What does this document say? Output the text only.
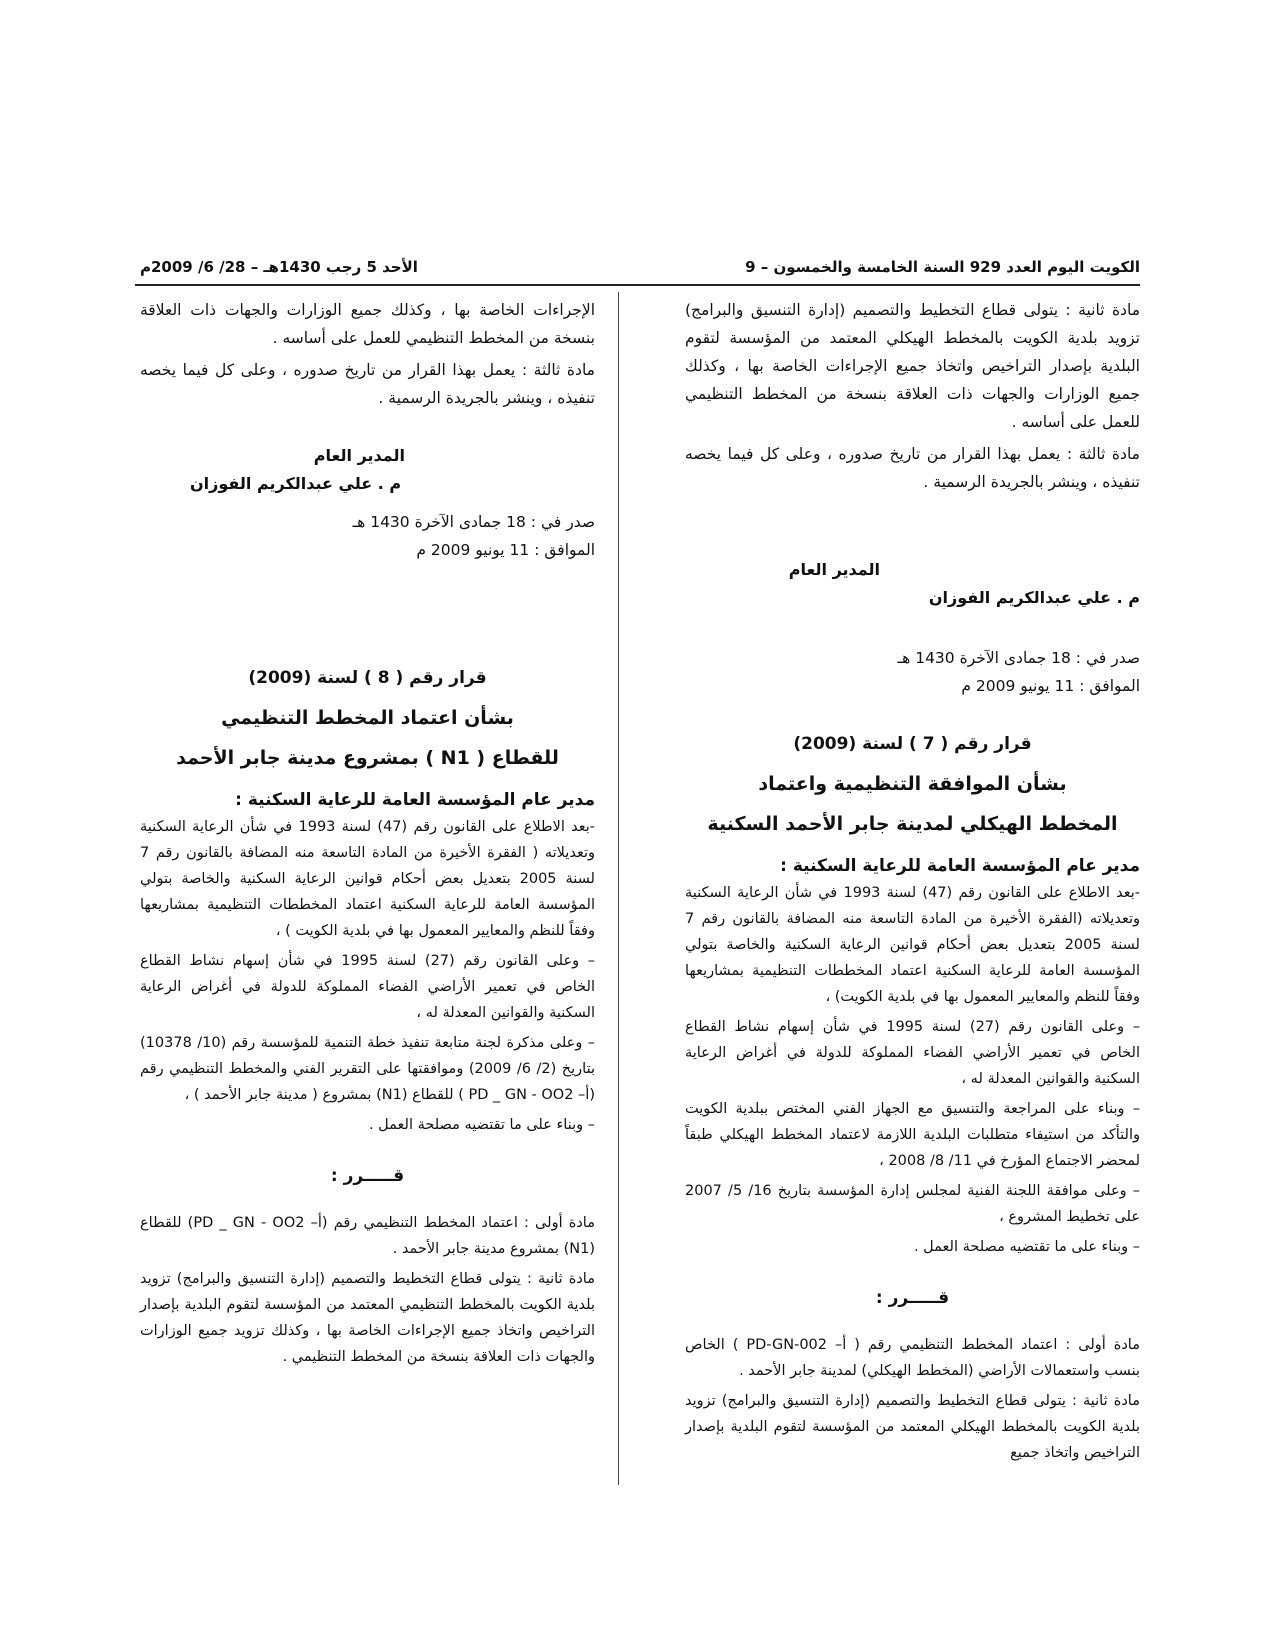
الكويت اليوم العدد 929 السنة الخامسة والخمسون – 9
الأحد 5 رجب 1430هـ – 28/ 6/ 2009م

مادة ثانية : يتولى قطاع التخطيط والتصميم (إدارة التنسيق والبرامج) تزويد بلدية الكويت بالمخطط الهيكلي المعتمد من المؤسسة لتقوم البلدية بإصدار التراخيص واتخاذ جميع الإجراءات الخاصة بها ، وكذلك جميع الوزارات والجهات ذات العلاقة بنسخة من المخطط التنظيمي للعمل على أساسه .

مادة ثالثة : يعمل بهذا القرار من تاريخ صدوره ، وعلى كل فيما يخصه تنفيذه ، وينشر بالجريدة الرسمية .

المدير العام
م . علي عبدالكريم الفوزان
صدر في : 18 جمادى الآخرة 1430 هـ
الموافق : 11 يونيو 2009 م
قرار رقم ( 7 ) لسنة (2009)
بشأن الموافقة التنظيمية واعتماد
المخطط الهيكلي لمدينة جابر الأحمد السكنية
مدير عام المؤسسة العامة للرعاية السكنية :

-بعد الاطلاع على القانون رقم (47) لسنة 1993 في شأن الرعاية السكنية وتعديلاته (الفقرة الأخيرة من المادة التاسعة منه المضافة بالقانون رقم 7 لسنة 2005 بتعديل بعض أحكام قوانين الرعاية السكنية والخاصة بتولي المؤسسة العامة للرعاية السكنية اعتماد المخططات التنظيمية بمشاريعها وفقاً للنظم والمعايير المعمول بها في بلدية الكويت) ،

– وعلى القانون رقم (27) لسنة 1995 في شأن إسهام نشاط القطاع الخاص في تعمير الأراضي الفضاء المملوكة للدولة في أغراض الرعاية السكنية والقوانين المعدلة له ،

– وبناء على المراجعة والتنسيق مع الجهاز الفني المختص ببلدية الكويت والتأكد من استيفاء متطلبات البلدية اللازمة لاعتماد المخطط الهيكلي طبقاً لمحضر الاجتماع المؤرخ في 11/ 8/ 2008 ،

– وعلى موافقة اللجنة الفنية لمجلس إدارة المؤسسة بتاريخ 16/ 5/ 2007 على تخطيط المشروع ،

– وبناء على ما تقتضيه مصلحة العمل .

قـــــرر :

مادة أولى : اعتماد المخطط التنظيمي رقم ( أ– PD-GN-002 ) الخاص بنسب واستعمالات الأراضي (المخطط الهيكلي) لمدينة جابر الأحمد .

مادة ثانية : يتولى قطاع التخطيط والتصميم (إدارة التنسيق والبرامج) تزويد بلدية الكويت بالمخطط الهيكلي المعتمد من المؤسسة لتقوم البلدية بإصدار التراخيص واتخاذ جميع

الإجراءات الخاصة بها ، وكذلك جميع الوزارات والجهات ذات العلاقة بنسخة من المخطط التنظيمي للعمل على أساسه .

مادة ثالثة : يعمل بهذا القرار من تاريخ صدوره ، وعلى كل فيما يخصه تنفيذه ، وينشر بالجريدة الرسمية .

المدير العام
م . علي عبدالكريم الفوزان
صدر في : 18 جمادى الآخرة 1430 هـ
الموافق : 11 يونيو 2009 م
قرار رقم ( 8 ) لسنة (2009)
بشأن اعتماد المخطط التنظيمي
للقطاع ( N1 ) بمشروع مدينة جابر الأحمد
مدير عام المؤسسة العامة للرعاية السكنية :

-بعد الاطلاع على القانون رقم (47) لسنة 1993 في شأن الرعاية السكنية وتعديلاته ( الفقرة الأخيرة من المادة التاسعة منه المضافة بالقانون رقم 7 لسنة 2005 بتعديل بعض أحكام قوانين الرعاية السكنية والخاصة بتولي المؤسسة العامة للرعاية السكنية اعتماد المخططات التنظيمية بمشاريعها وفقاً للنظم والمعايير المعمول بها في بلدية الكويت ) ،

– وعلى القانون رقم (27) لسنة 1995 في شأن إسهام نشاط القطاع الخاص في تعمير الأراضي الفضاء المملوكة للدولة في أغراض الرعاية السكنية والقوانين المعدلة له ،

– وعلى مذكرة لجنة متابعة تنفيذ خطة التنمية للمؤسسة رقم (10/ 10378) بتاريخ (2/ 6/ 2009) وموافقتها على التقرير الفني والمخطط التنظيمي رقم (أ– PD _ GN - OO2 ) للقطاع (N1) بمشروع ( مدينة جابر الأحمد ) ،

– وبناء على ما تقتضيه مصلحة العمل .

قـــــرر :

مادة أولى : اعتماد المخطط التنظيمي رقم (أ– PD _ GN - OO2) للقطاع (N1) بمشروع مدينة جابر الأحمد .

مادة ثانية : يتولى قطاع التخطيط والتصميم (إدارة التنسيق والبرامج) تزويد بلدية الكويت بالمخطط التنظيمي المعتمد من المؤسسة لتقوم البلدية بإصدار التراخيص واتخاذ جميع الإجراءات الخاصة بها ، وكذلك تزويد جميع الوزارات والجهات ذات العلاقة بنسخة من المخطط التنظيمي .
